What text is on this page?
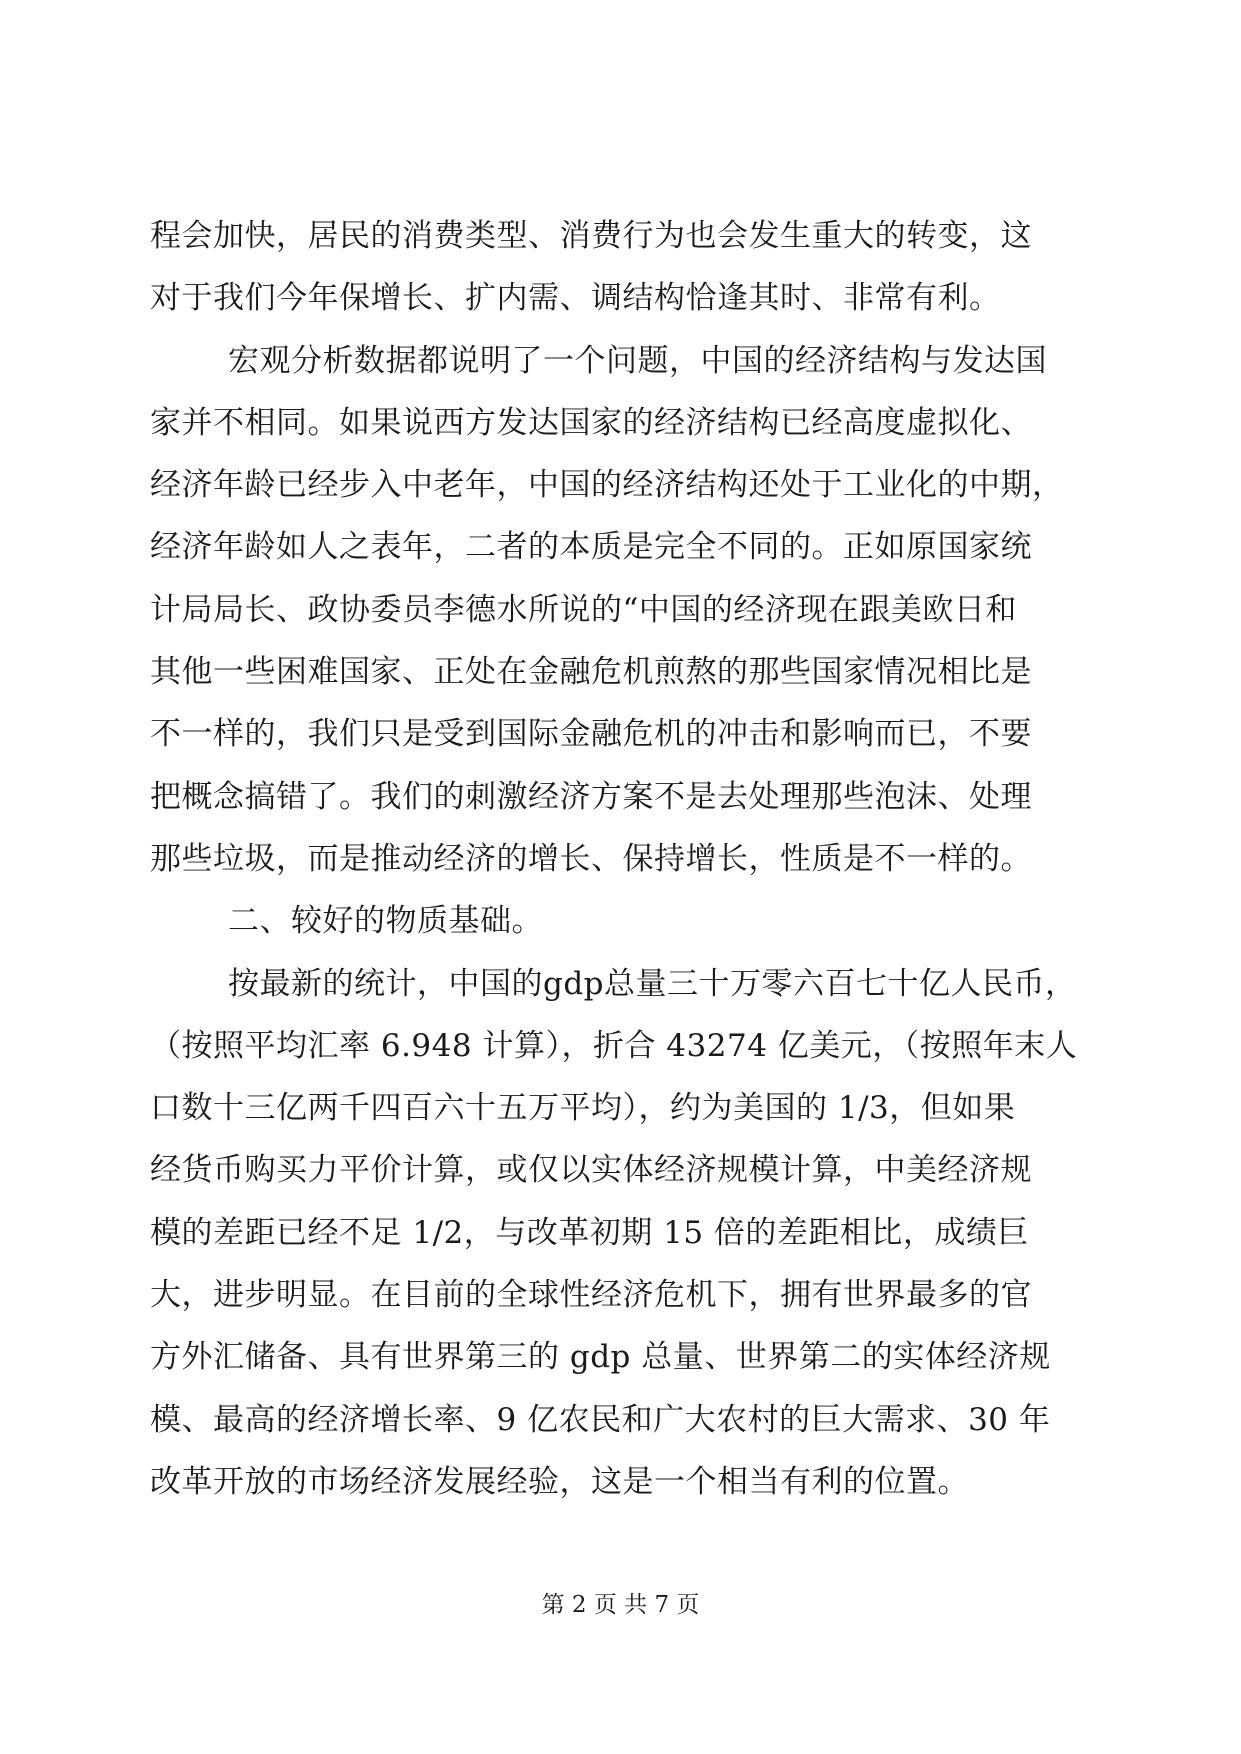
程会加快，居民的消费类型、消费行为也会发生重大的转变，这
对于我们今年保增长、扩内需、调结构恰逢其时、非常有利。
宏观分析数据都说明了一个问题，中国的经济结构与发达国
家并不相同。如果说西方发达国家的经济结构已经高度虚拟化、
经济年龄已经步入中老年，中国的经济结构还处于工业化的中期，
经济年龄如人之表年，二者的本质是完全不同的。正如原国家统
计局局长、政协委员李德水所说的“中国的经济现在跟美欧日和
其他一些困难国家、正处在金融危机煎熬的那些国家情况相比是
不一样的，我们只是受到国际金融危机的冲击和影响而已，不要
把概念搞错了。我们的刺激经济方案不是去处理那些泡沫、处理
那些垃圾，而是推动经济的增长、保持增长，性质是不一样的。
二、较好的物质基础。
按最新的统计，中国的gdp总量三十万零六百七十亿人民币，
（按照平均汇率 6.948 计算），折合 43274 亿美元，（按照年末人
口数十三亿两千四百六十五万平均），约为美国的 1/3，但如果
经货币购买力平价计算，或仅以实体经济规模计算，中美经济规
模的差距已经不足 1/2，与改革初期 15 倍的差距相比，成绩巨
大，进步明显。在目前的全球性经济危机下，拥有世界最多的官
方外汇储备、具有世界第三的 gdp 总量、世界第二的实体经济规
模、最高的经济增长率、9 亿农民和广大农村的巨大需求、30 年
改革开放的市场经济发展经验，这是一个相当有利的位置。
第 2 页 共 7 页
